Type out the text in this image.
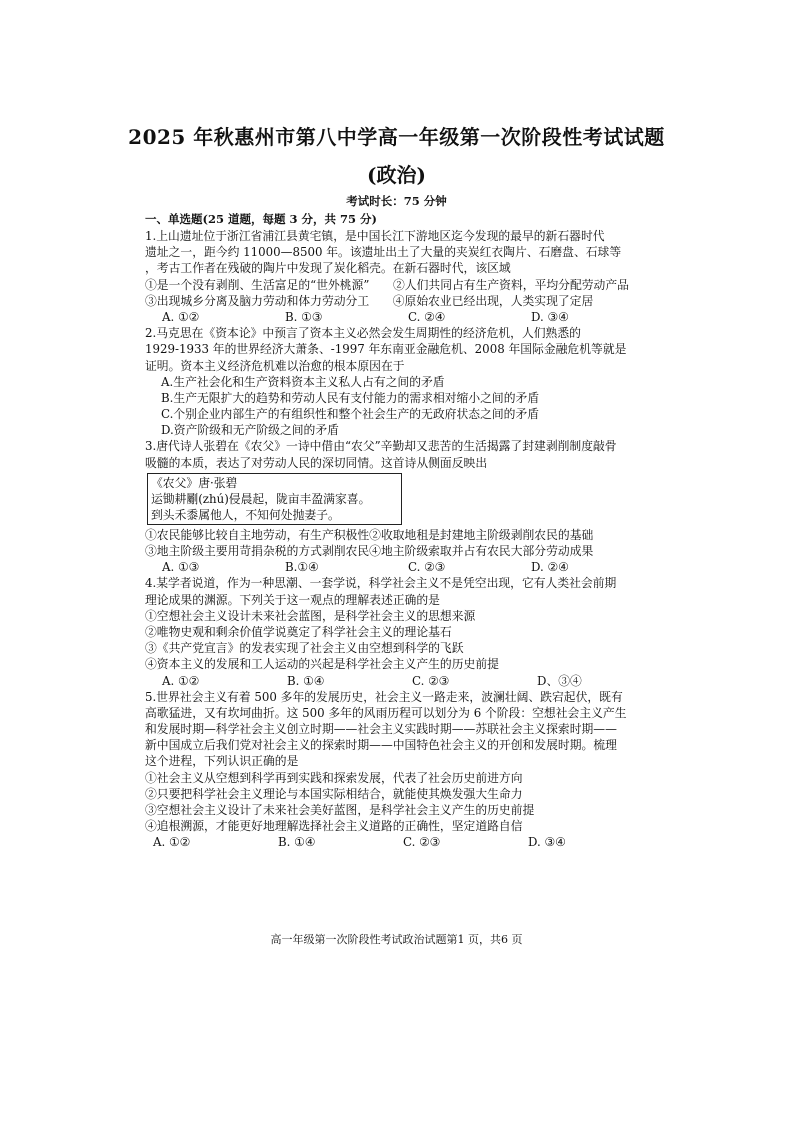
2025 年秋惠州市第八中学高一年级第一次阶段性考试试题
(政治)
考试时长：75 分钟
一、单选题(25 道题，每题 3 分，共 75 分)
1.上山遗址位于浙江省浦江县黄宅镇，是中国长江下游地区迄今发现的最早的新石器时代
遗址之一，距今约 11000—8500 年。该遗址出土了大量的夹炭红衣陶片、石磨盘、石球等
，考古工作者在残破的陶片中发现了炭化稻壳。在新石器时代，该区域
①是一个没有剥削、生活富足的“世外桃源”　　②人们共同占有生产资料，平均分配劳动产品
③出现城乡分离及脑力劳动和体力劳动分工　　④原始农业已经出现，人类实现了定居
A. ①②	B. ①③	C. ②④	D. ③④
2.马克思在《资本论》中预言了资本主义必然会发生周期性的经济危机，人们熟悉的
1929-1933 年的世界经济大萧条、-1997 年东南亚金融危机、2008 年国际金融危机等就是
证明。资本主义经济危机难以治愈的根本原因在于
A.生产社会化和生产资料资本主义私人占有之间的矛盾
B.生产无限扩大的趋势和劳动人民有支付能力的需求相对缩小之间的矛盾
C.个别企业内部生产的有组织性和整个社会生产的无政府状态之间的矛盾
D.资产阶级和无产阶级之间的矛盾
3.唐代诗人张碧在《农父》一诗中借由“农父”辛勤却又悲苦的生活揭露了封建剥削制度敲骨
吸髓的本质，表达了对劳动人民的深切同情。这首诗从侧面反映出
《农父》唐·张碧
运锄耕劚(zhú)侵晨起，陇亩丰盈满家喜。
到头禾黍属他人，不知何处抛妻子。
①农民能够比较自主地劳动，有生产积极性②收取地租是封建地主阶级剥削农民的基础
③地主阶级主要用苛捐杂税的方式剥削农民④地主阶级索取并占有农民大部分劳动成果
A. ①③	B.①④	C. ②③	D. ②④
4.某学者说道，作为一种思潮、一套学说，科学社会主义不是凭空出现，它有人类社会前期
理论成果的渊源。下列关于这一观点的理解表述正确的是
①空想社会主义设计未来社会蓝图，是科学社会主义的思想来源
②唯物史观和剩余价值学说奠定了科学社会主义的理论基石
③《共产党宣言》的发表实现了社会主义由空想到科学的飞跃
④资本主义的发展和工人运动的兴起是科学社会主义产生的历史前提
A. ①②	B. ①④	C. ②③	D、③④
5.世界社会主义有着 500 多年的发展历史，社会主义一路走来，波澜壮阔、跌宕起伏，既有
高歌猛进，又有坎坷曲折。这 500 多年的风雨历程可以划分为 6 个阶段：空想社会主义产生
和发展时期—科学社会主义创立时期——社会主义实践时期——苏联社会主义探索时期——
新中国成立后我们党对社会主义的探索时期——中国特色社会主义的开创和发展时期。梳理
这个进程，下列认识正确的是
①社会主义从空想到科学再到实践和探索发展，代表了社会历史前进方向
②只要把科学社会主义理论与本国实际相结合，就能使其焕发强大生命力
③空想社会主义设计了未来社会美好蓝图，是科学社会主义产生的历史前提
④追根溯源，才能更好地理解选择社会主义道路的正确性，坚定道路自信
A. ①②	B. ①④	C. ②③	D. ③④
高一年级第一次阶段性考试政治试题第1 页，共6 页
